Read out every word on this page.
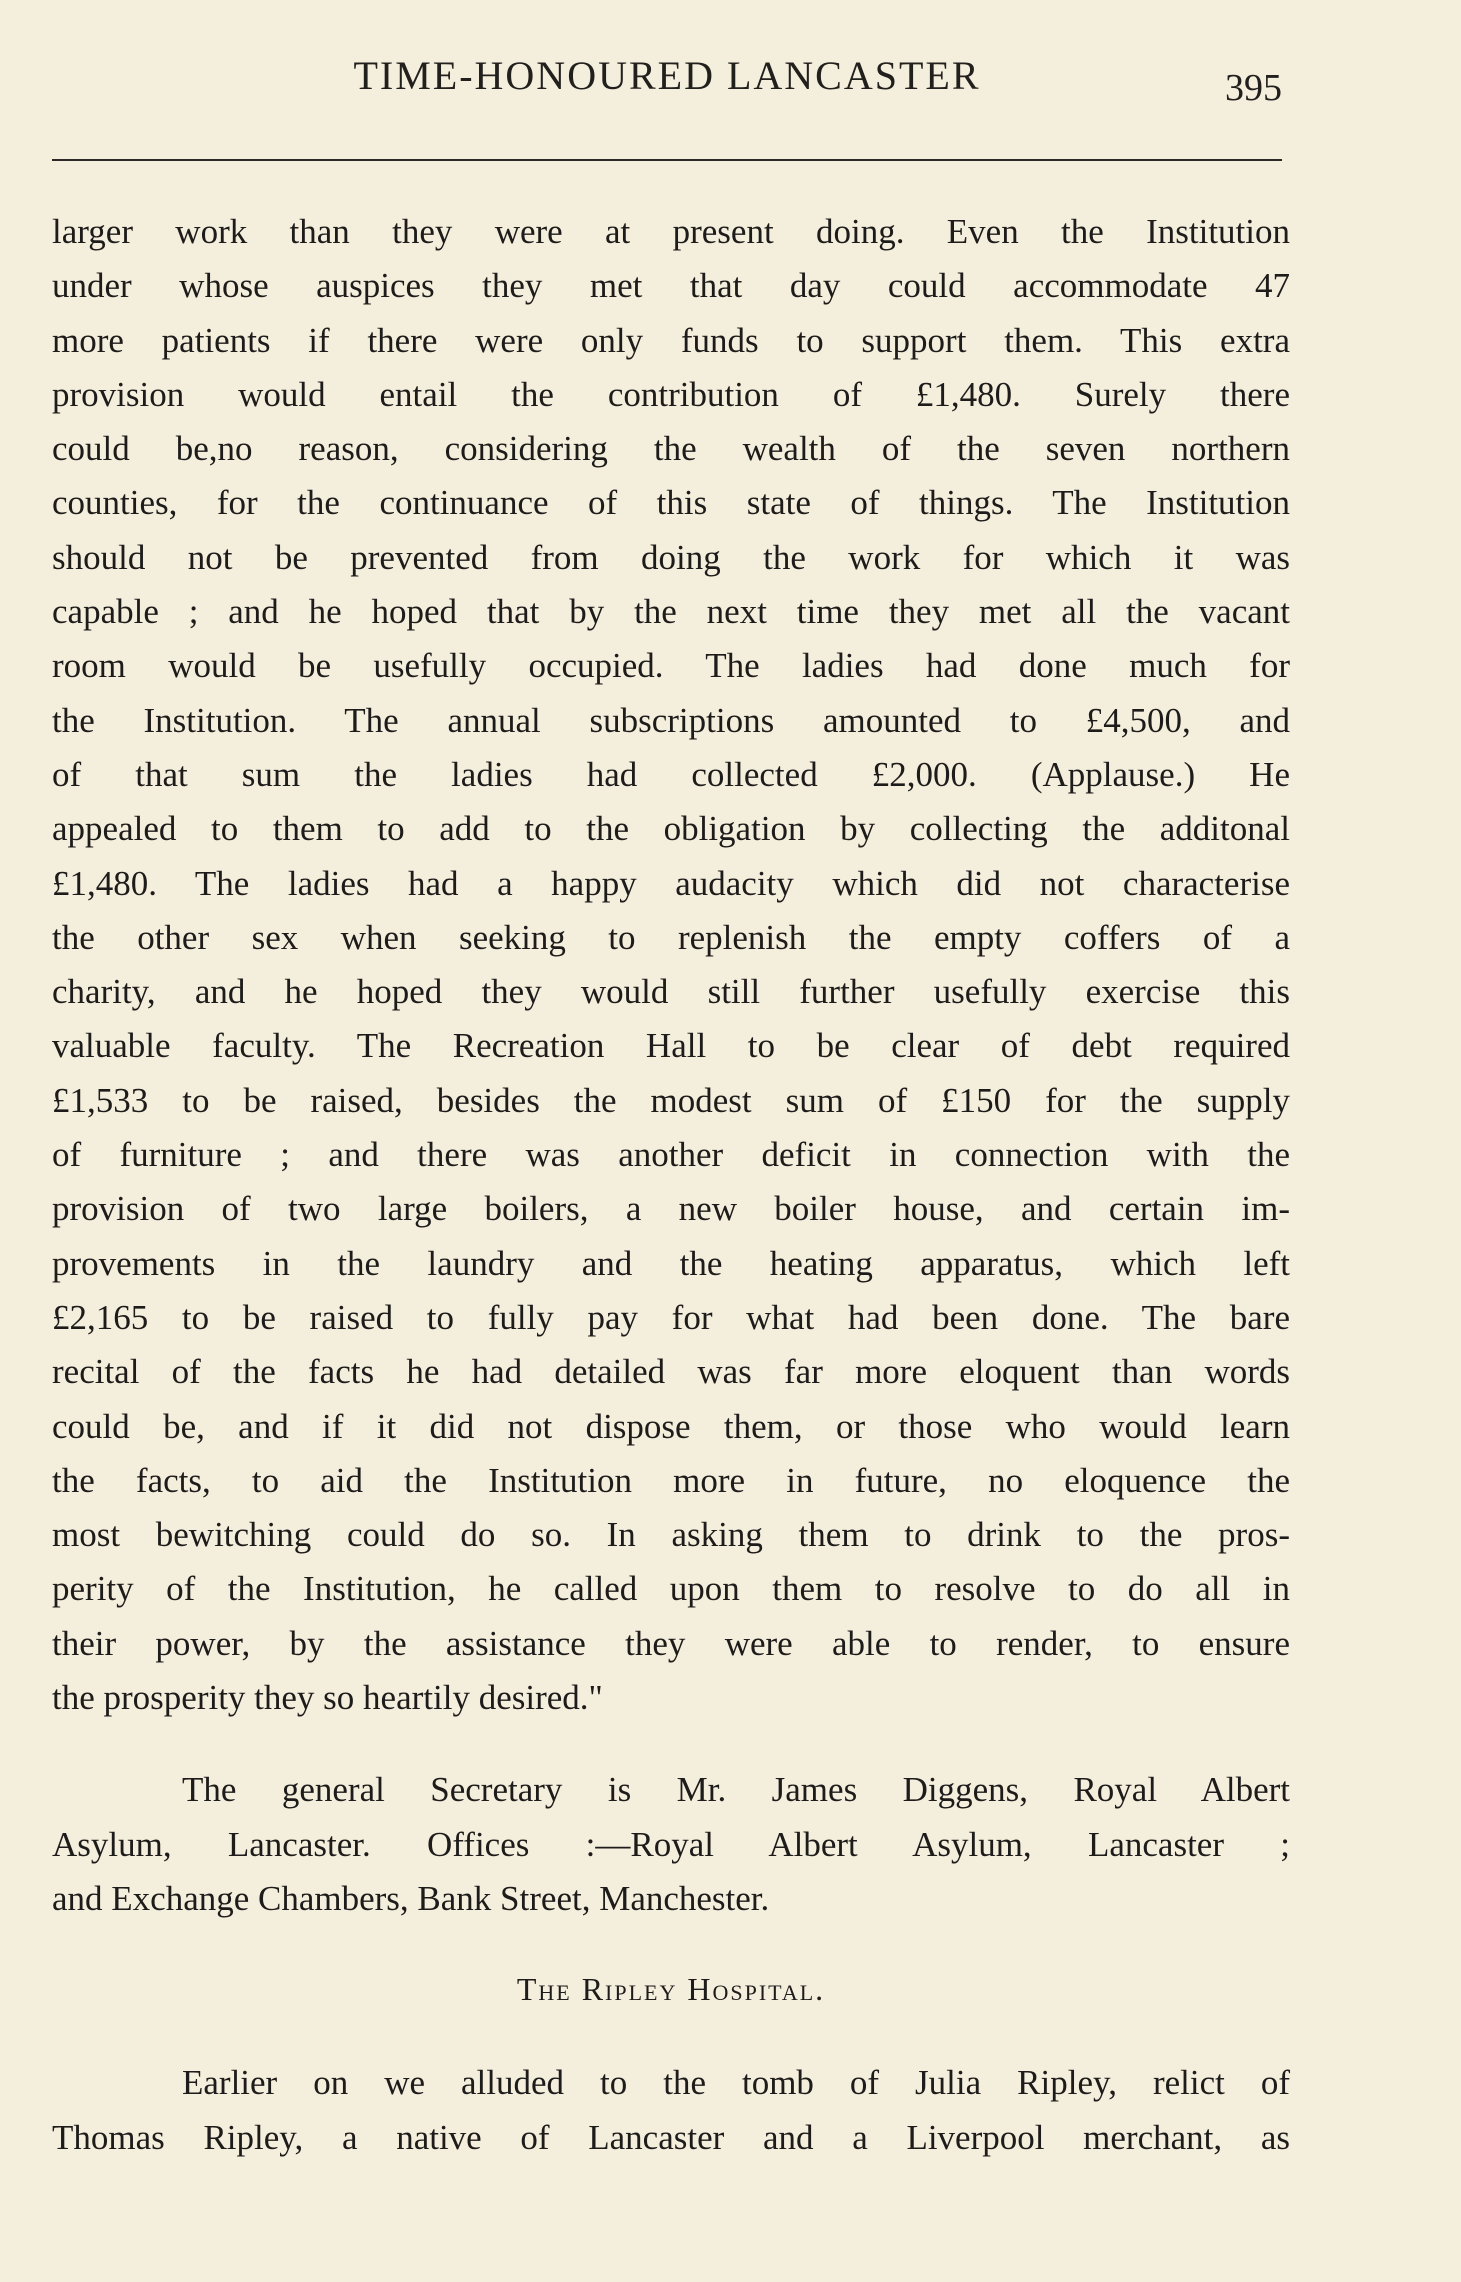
TIME-HONOURED LANCASTER	395
larger work than they were at present doing. Even the Institution
under whose auspices they met that day could accommodate 47
more patients if there were only funds to support them. This extra
provision would entail the contribution of £1,480. Surely there
could be,no reason, considering the wealth of the seven northern
counties, for the continuance of this state of things. The Institution
should not be prevented from doing the work for which it was
capable ; and he hoped that by the next time they met all the vacant
room would be usefully occupied. The ladies had done much for
the Institution. The annual subscriptions amounted to £4,500, and
of that sum the ladies had collected £2,000. (Applause.) He
appealed to them to add to the obligation by collecting the additonal
£1,480. The ladies had a happy audacity which did not characterise
the other sex when seeking to replenish the empty coffers of a
charity, and he hoped they would still further usefully exercise this
valuable faculty. The Recreation Hall to be clear of debt required
£1,533 to be raised, besides the modest sum of £150 for the supply
of furniture ; and there was another deficit in connection with the
provision of two large boilers, a new boiler house, and certain im-
provements in the laundry and the heating apparatus, which left
£2,165 to be raised to fully pay for what had been done. The bare
recital of the facts he had detailed was far more eloquent than words
could be, and if it did not dispose them, or those who would learn
the facts, to aid the Institution more in future, no eloquence the
most bewitching could do so. In asking them to drink to the pros-
perity of the Institution, he called upon them to resolve to do all in
their power, by the assistance they were able to render, to ensure
the prosperity they so heartily desired."
The general Secretary is Mr. James Diggens, Royal Albert
Asylum, Lancaster. Offices :—Royal Albert Asylum, Lancaster ;
and Exchange Chambers, Bank Street, Manchester.
The Ripley Hospital.
Earlier on we alluded to the tomb of Julia Ripley, relict of
Thomas Ripley, a native of Lancaster and a Liverpool merchant, as
